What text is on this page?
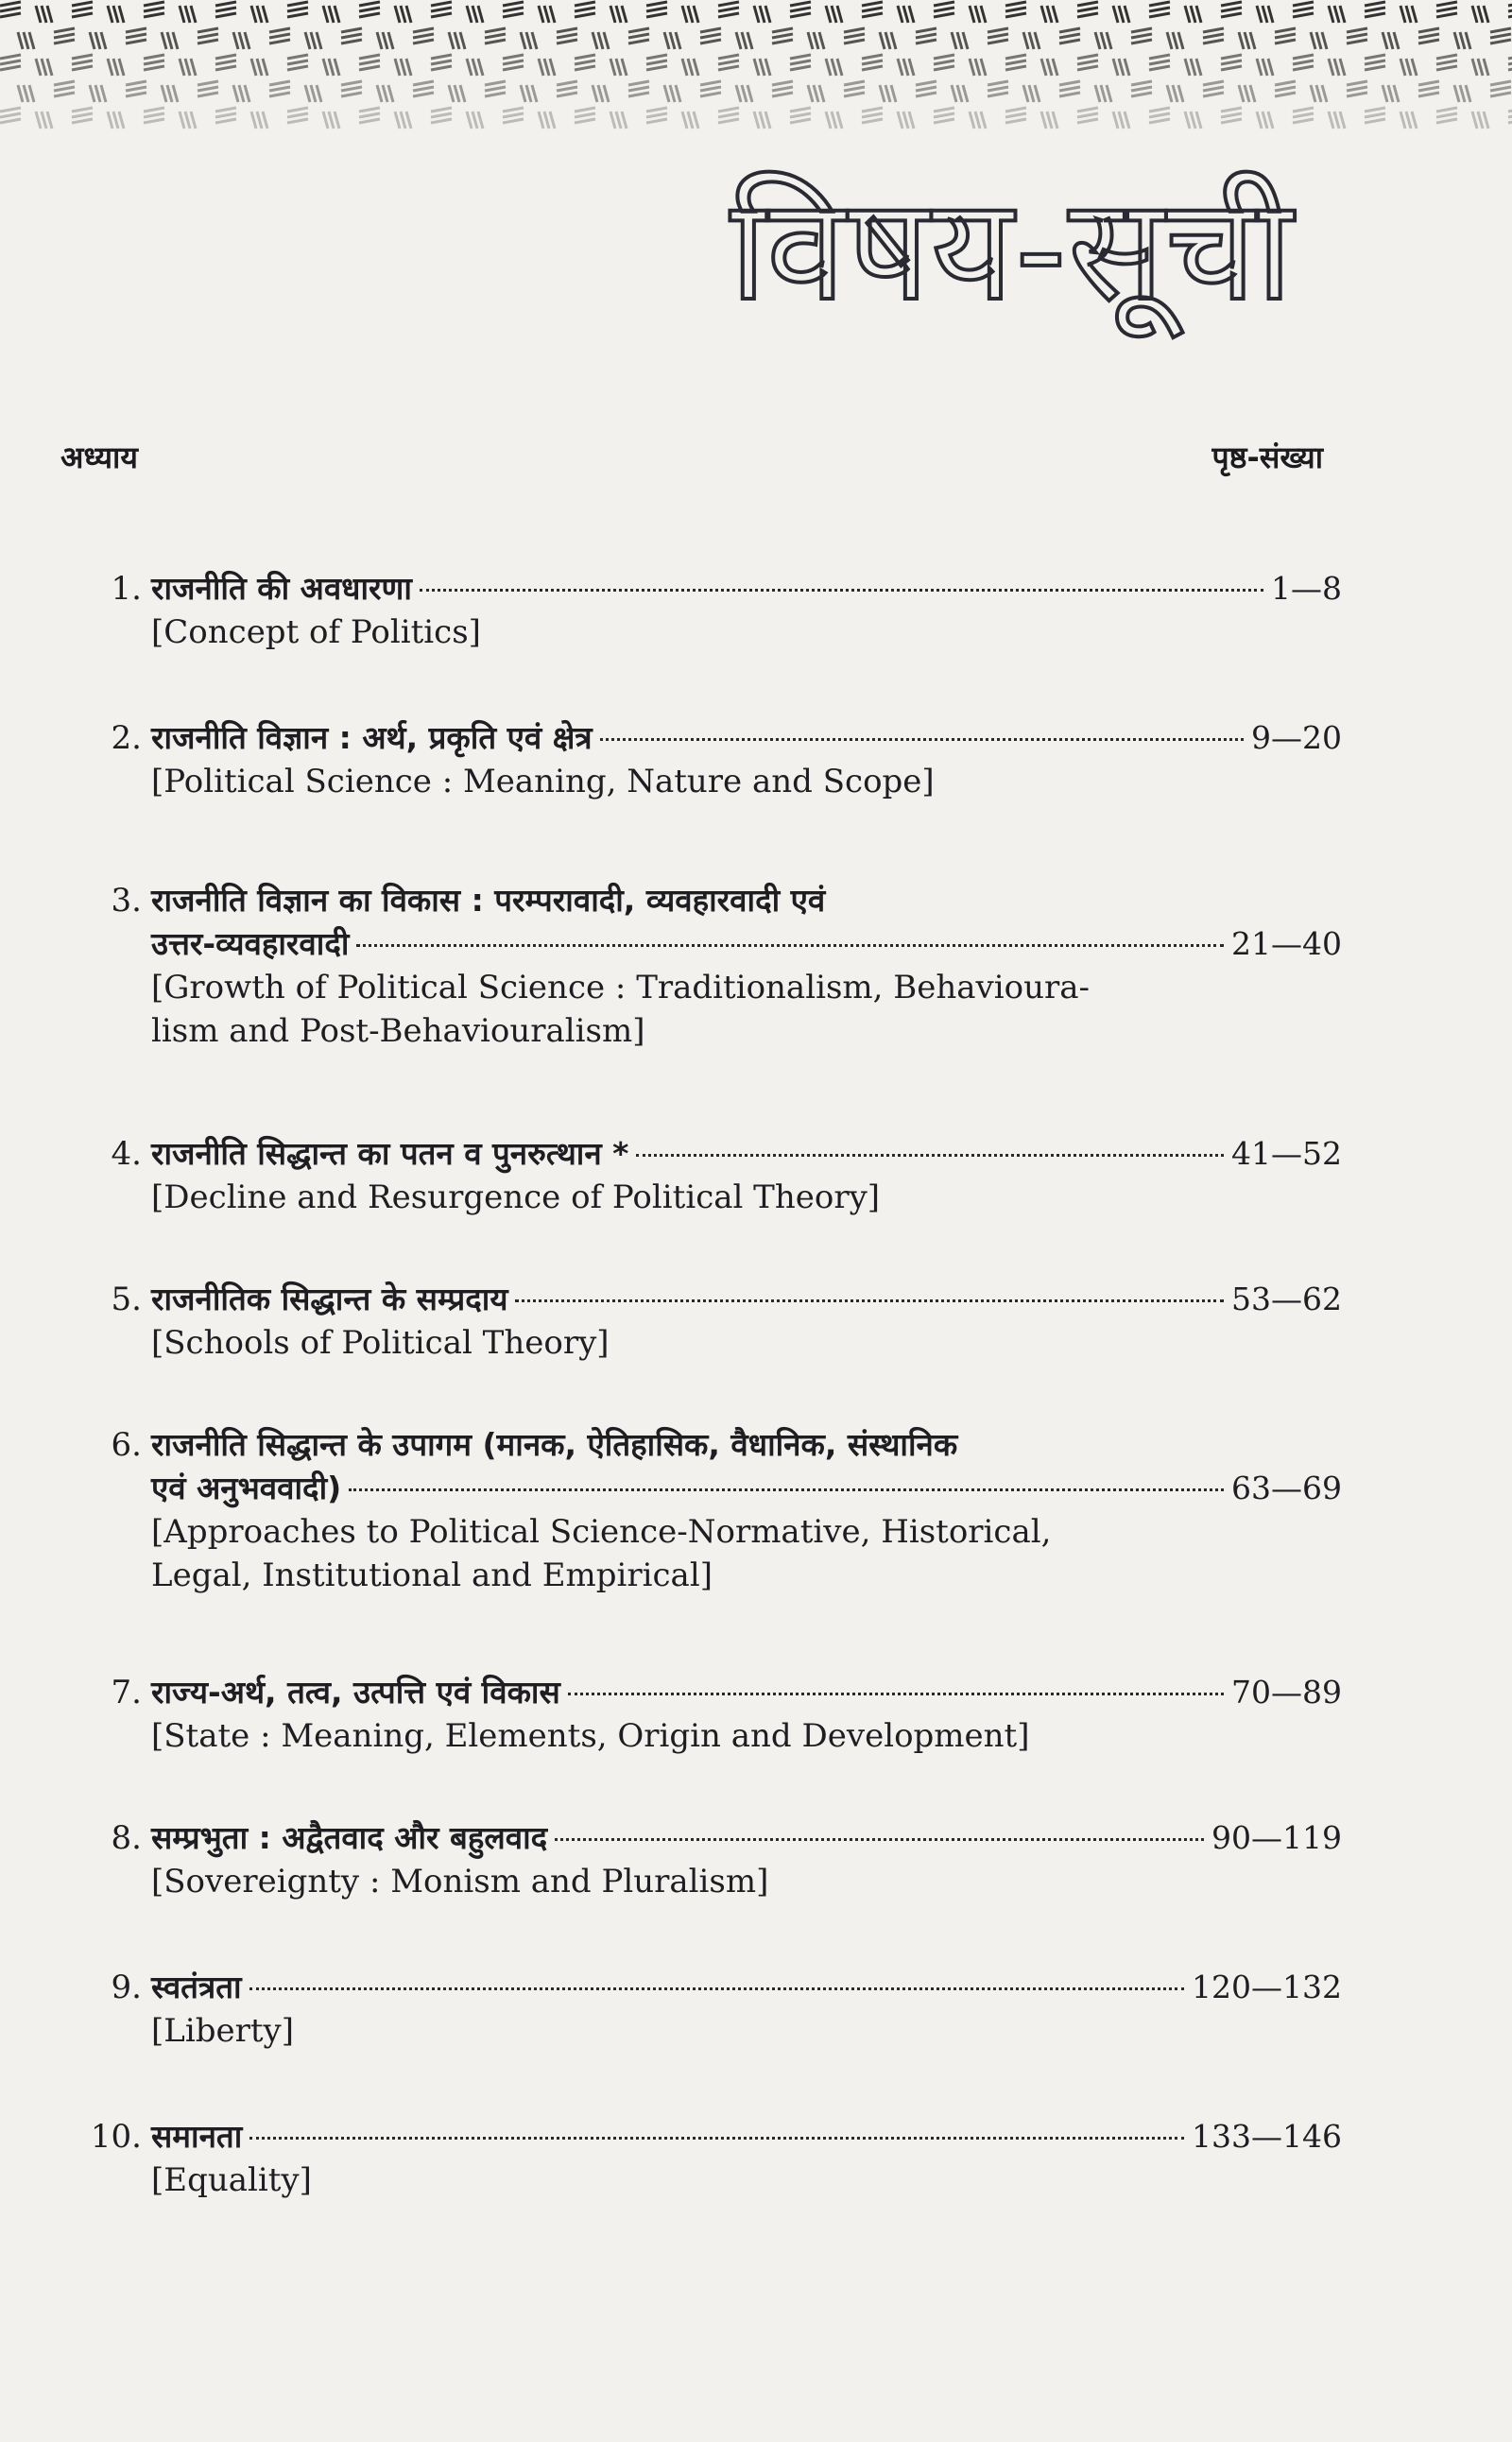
विषय-सूची
अध्याय	पृष्ठ-संख्या
1. राजनीति की अवधारणा	1—8
[Concept of Politics]
2. राजनीति विज्ञान : अर्थ, प्रकृति एवं क्षेत्र	9—20
[Political Science : Meaning, Nature and Scope]
3. राजनीति विज्ञान का विकास : परम्परावादी, व्यवहारवादी एवं
उत्तर-व्यवहारवादी	21—40
[Growth of Political Science : Traditionalism, Behavioura-
lism and Post-Behaviouralism]
4. राजनीति सिद्धान्त का पतन व पुनरुत्थान *	41—52
[Decline and Resurgence of Political Theory]
5. राजनीतिक सिद्धान्त के सम्प्रदाय	53—62
[Schools of Political Theory]
6. राजनीति सिद्धान्त के उपागम (मानक, ऐतिहासिक, वैधानिक, संस्थानिक
एवं अनुभववादी)	63—69
[Approaches to Political Science-Normative, Historical,
Legal, Institutional and Empirical]
7. राज्य-अर्थ, तत्व, उत्पत्ति एवं विकास	70—89
[State : Meaning, Elements, Origin and Development]
8. सम्प्रभुता : अद्वैतवाद और बहुलवाद	90—119
[Sovereignty : Monism and Pluralism]
9. स्वतंत्रता	120—132
[Liberty]
10. समानता	133—146
[Equality]
